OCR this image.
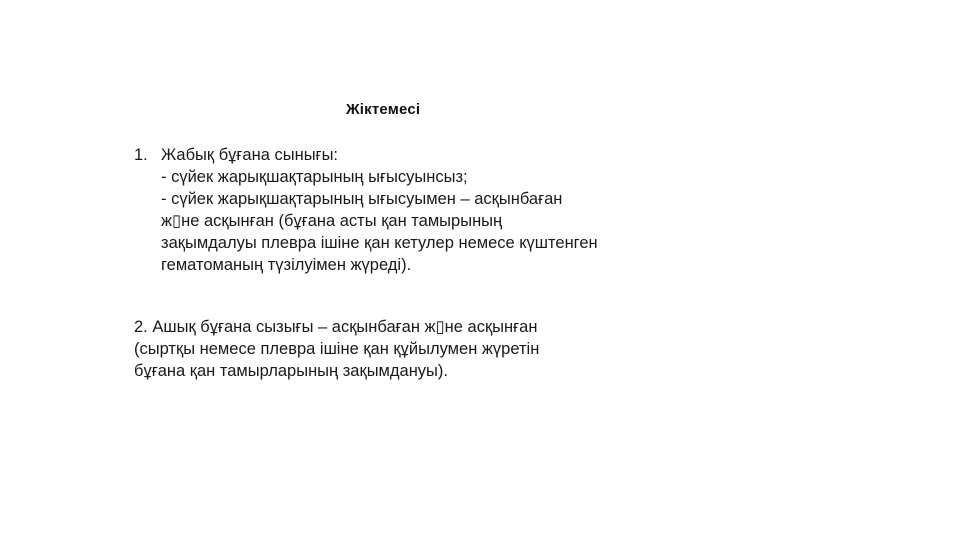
Жіктемесі
1. Жабық бұғана сынығы:
- сүйек жарықшақтарының ығысуынсыз;
- сүйек жарықшақтарының ығысуымен – асқынбаған
ж▯не асқынған (бұғана асты қан тамырының
зақымдалуы плевра ішіне қан кетулер немесе күштенген
гематоманың түзілуімен жүреді).
2. Ашық бұғана сызығы – асқынбаған ж▯не асқынған
(сыртқы немесе плевра ішіне қан құйылумен жүретін
бұғана қан тамырларының зақымдануы).
